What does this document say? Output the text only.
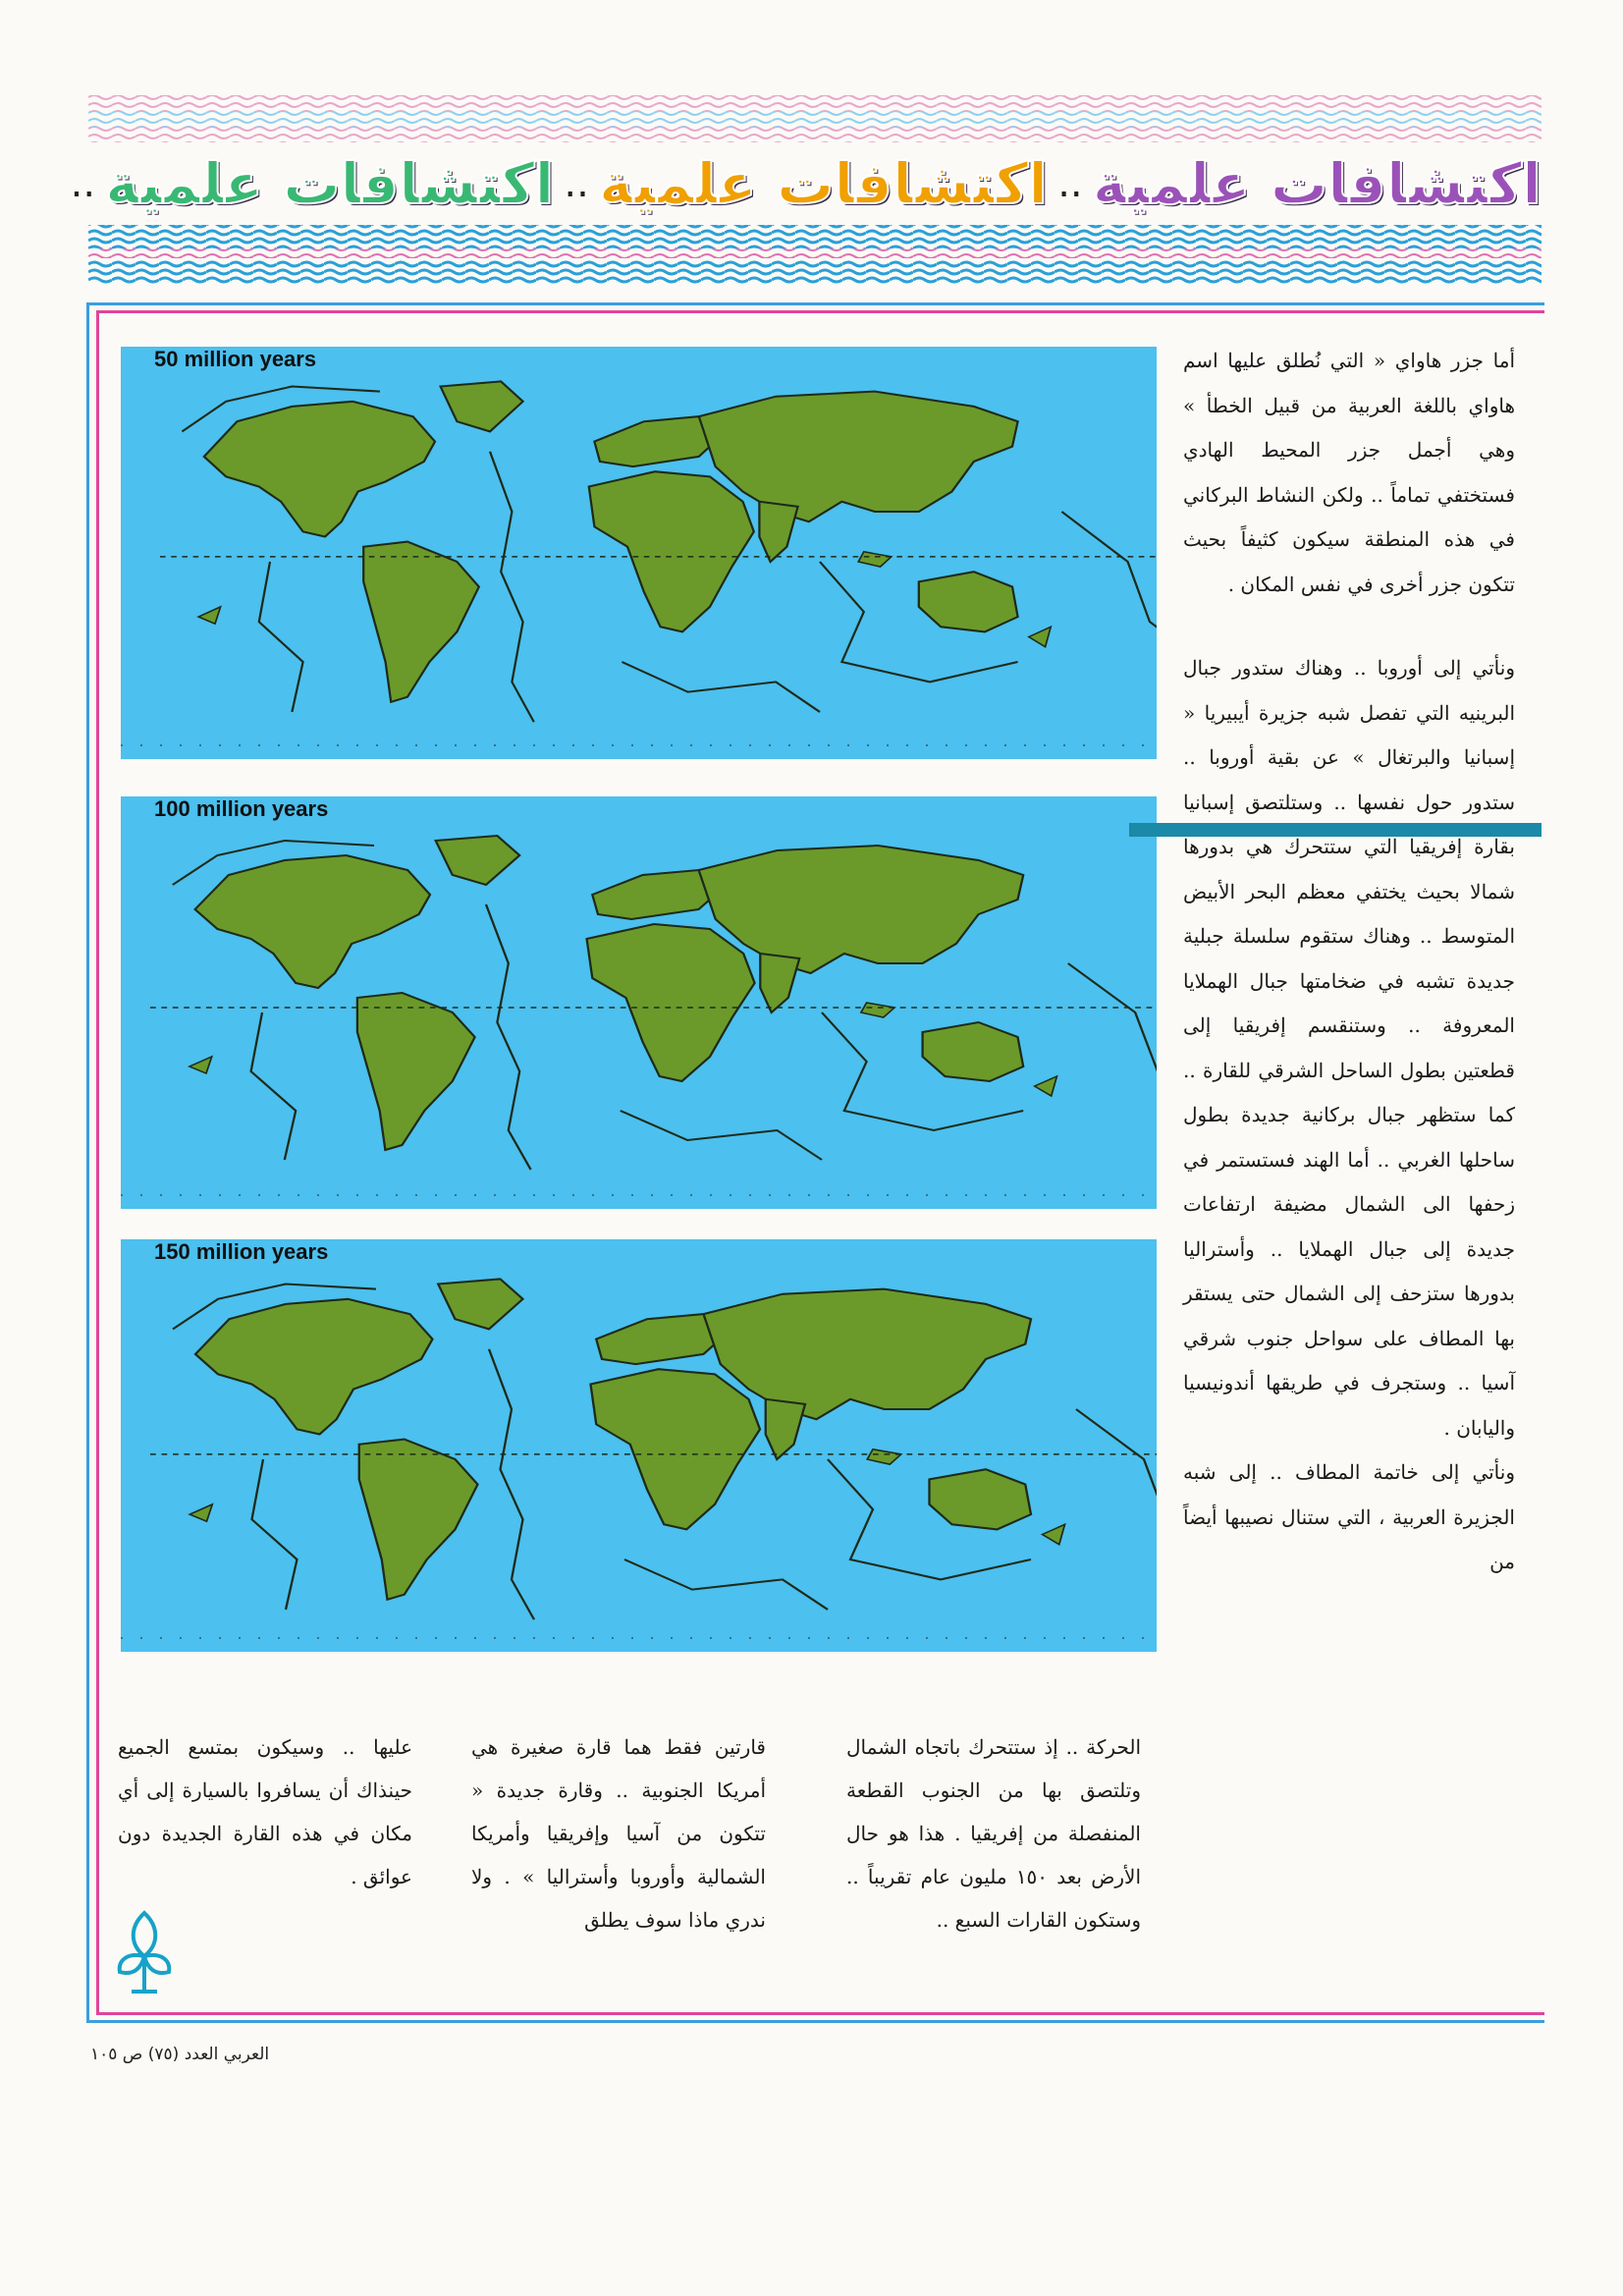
اكتشافات علمية
..
اكتشافات علمية
..
اكتشافات علمية
..
50 million years
100 million years
150 million years

أما جزر هاواي « التي نُطلق عليها اسم هاواي باللغة العربية من قبيل الخطأ » وهي أجمل جزر المحيط الهادي فستختفي تماماً .. ولكن النشاط البركاني في هذه المنطقة سيكون كثيفاً بحيث تتكون جزر أخرى في نفس المكان .

ونأتي إلى أوروبا .. وهناك ستدور جبال البرينيه التي تفصل شبه جزيرة أيبيريا « إسبانيا والبرتغال » عن بقية أوروبا .. ستدور حول نفسها .. وستلتصق إسبانيا بقارة إفريقيا التي ستتحرك هي بدورها شمالا بحيث يختفي معظم البحر الأبيض المتوسط .. وهناك ستقوم سلسلة جبلية جديدة تشبه في ضخامتها جبال الهملايا المعروفة .. وستنقسم إفريقيا إلى قطعتين بطول الساحل الشرقي للقارة .. كما ستظهر جبال بركانية جديدة بطول ساحلها الغربي .. أما الهند فستستمر في زحفها الى الشمال مضيفة ارتفاعات جديدة إلى جبال الهملايا .. وأستراليا بدورها ستزحف إلى الشمال حتى يستقر بها المطاف على سواحل جنوب شرقي آسيا .. وستجرف في طريقها أندونيسيا واليابان .

ونأتي إلى خاتمة المطاف .. إلى شبه الجزيرة العربية ، التي ستنال نصيبها أيضاً من

الحركة .. إذ ستتحرك باتجاه الشمال وتلتصق بها من الجنوب القطعة المنفصلة من إفريقيا . هذا هو حال الأرض بعد ١٥٠ مليون عام تقريباً .. وستكون القارات السبع ..

قارتين فقط هما قارة صغيرة هي أمريكا الجنوبية .. وقارة جديدة « تتكون من آسيا وإفريقيا وأمريكا الشمالية وأوروبا وأستراليا » . ولا ندري ماذا سوف يطلق

عليها .. وسيكون بمتسع الجميع حينذاك أن يسافروا بالسيارة إلى أي مكان في هذه القارة الجديدة دون عوائق .

العربي العدد (٧٥) ص ١٠٥
